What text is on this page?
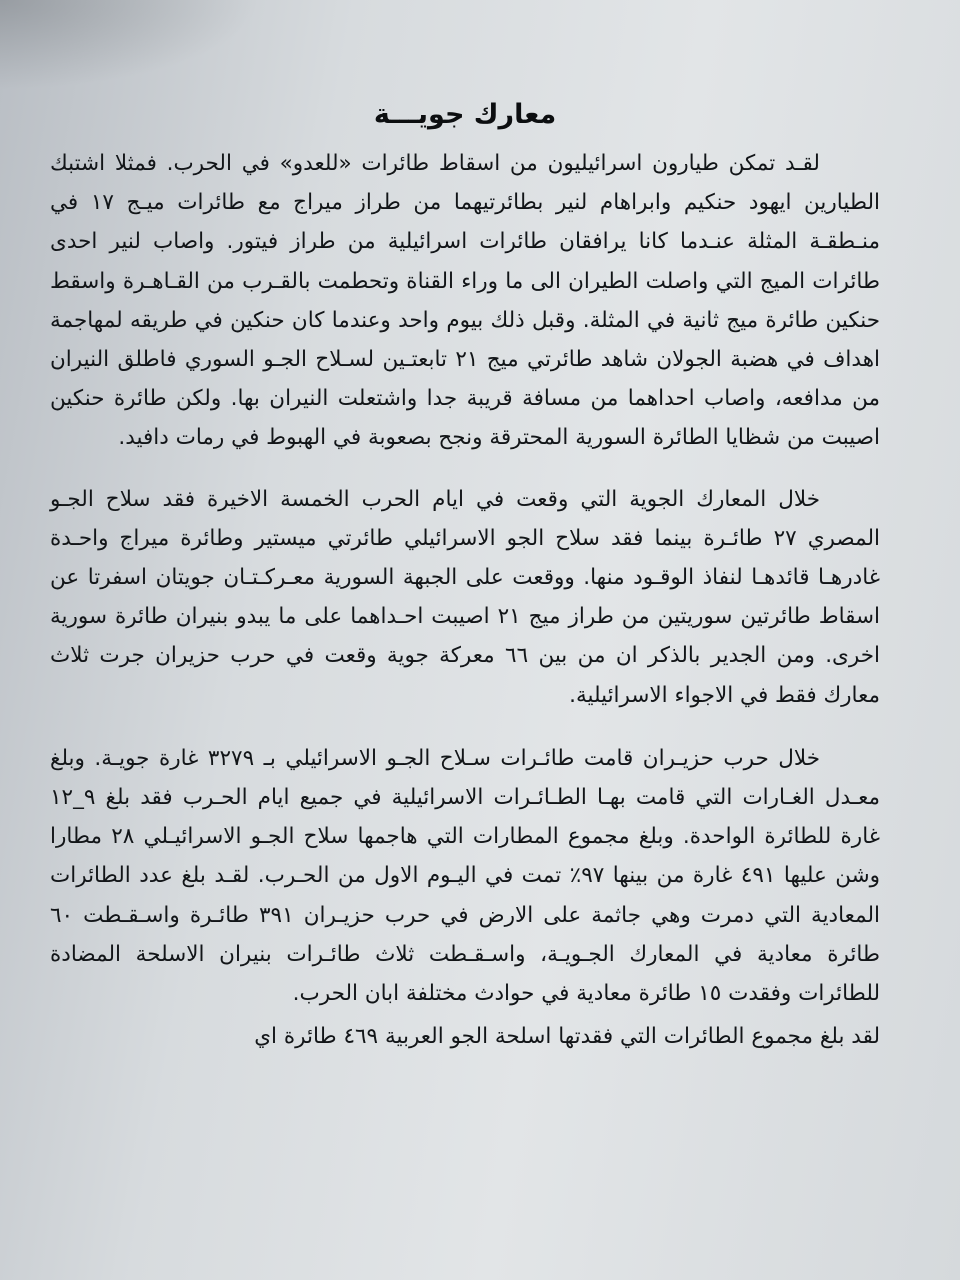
معارك جويـــة

لقـد تمكن طيارون اسرائيليون من اسقاط طائرات «للعدو» في الحرب. فمثلا اشتبك الطيارين ايهود حنكيم وابراهام لنير بطائرتيهما من طراز ميراج مع طائرات ميـج ١٧ في منـطقـة المثلة عنـدما كانا يرافقان طائرات اسرائيلية من طراز فيتور. واصاب لنير احدى طائرات الميج التي واصلت الطيران الى ما وراء القناة وتحطمت بالقـرب من القـاهـرة واسقط حنكين طائرة ميج ثانية في المثلة. وقبل ذلك بيوم واحد وعندما كان حنكين في طريقه لمهاجمة اهداف في هضبة الجولان شاهد طائرتي ميج ٢١ تابعتـين لسـلاح الجـو السوري فاطلق النيران من مدافعه، واصاب احداهما من مسافة قريبة جدا واشتعلت النيران بها. ولكن طائرة حنكين اصيبت من شظايا الطائرة السورية المحترقة ونجح بصعوبة في الهبوط في رمات دافيد.

خلال المعارك الجوية التي وقعت في ايام الحرب الخمسة الاخيرة فقد سلاح الجـو المصري ٢٧ طائـرة بينما فقد سلاح الجو الاسرائيلي طائرتي ميستير وطائرة ميراج واحـدة غادرهـا قائدهـا لنفاذ الوقـود منها. ووقعت على الجبهة السورية معـركـتـان جويتان اسفرتا عن اسقاط طائرتين سوريتين من طراز ميج ٢١ اصيبت احـداهما على ما يبدو بنيران طائرة سورية اخرى. ومن الجدير بالذكر ان من بين ٦٦ معركة جوية وقعت في حرب حزيران جرت ثلاث معارك فقط في الاجواء الاسرائيلية.

خلال حرب حزيـران قامت طائـرات سـلاح الجـو الاسرائيلي بـ ٣٢٧٩ غارة جويـة. وبلغ معـدل الغـارات التي قامت بهـا الطـائـرات الاسرائيلية في جميع ايام الحـرب فقد بلغ ٩_١٢ غارة للطائرة الواحدة. وبلغ مجموع المطارات التي هاجمها سلاح الجـو الاسرائيـلي ٢٨ مطارا وشن عليها ٤٩١ غارة من بينها ٩٧٪ تمت في اليـوم الاول من الحـرب. لقـد بلغ عدد الطائرات المعادية التي دمرت وهي جاثمة على الارض في حرب حزيـران ٣٩١ طائـرة واسـقـطت ٦٠ طائرة معادية في المعارك الجـويـة، واسـقـطت ثلاث طائـرات بنيران الاسلحة المضادة للطائرات وفقدت ١٥ طائرة معادية في حوادث مختلفة ابان الحرب.

لقد بلغ مجموع الطائرات التي فقدتها اسلحة الجو العربية ٤٦٩ طائرة اي
